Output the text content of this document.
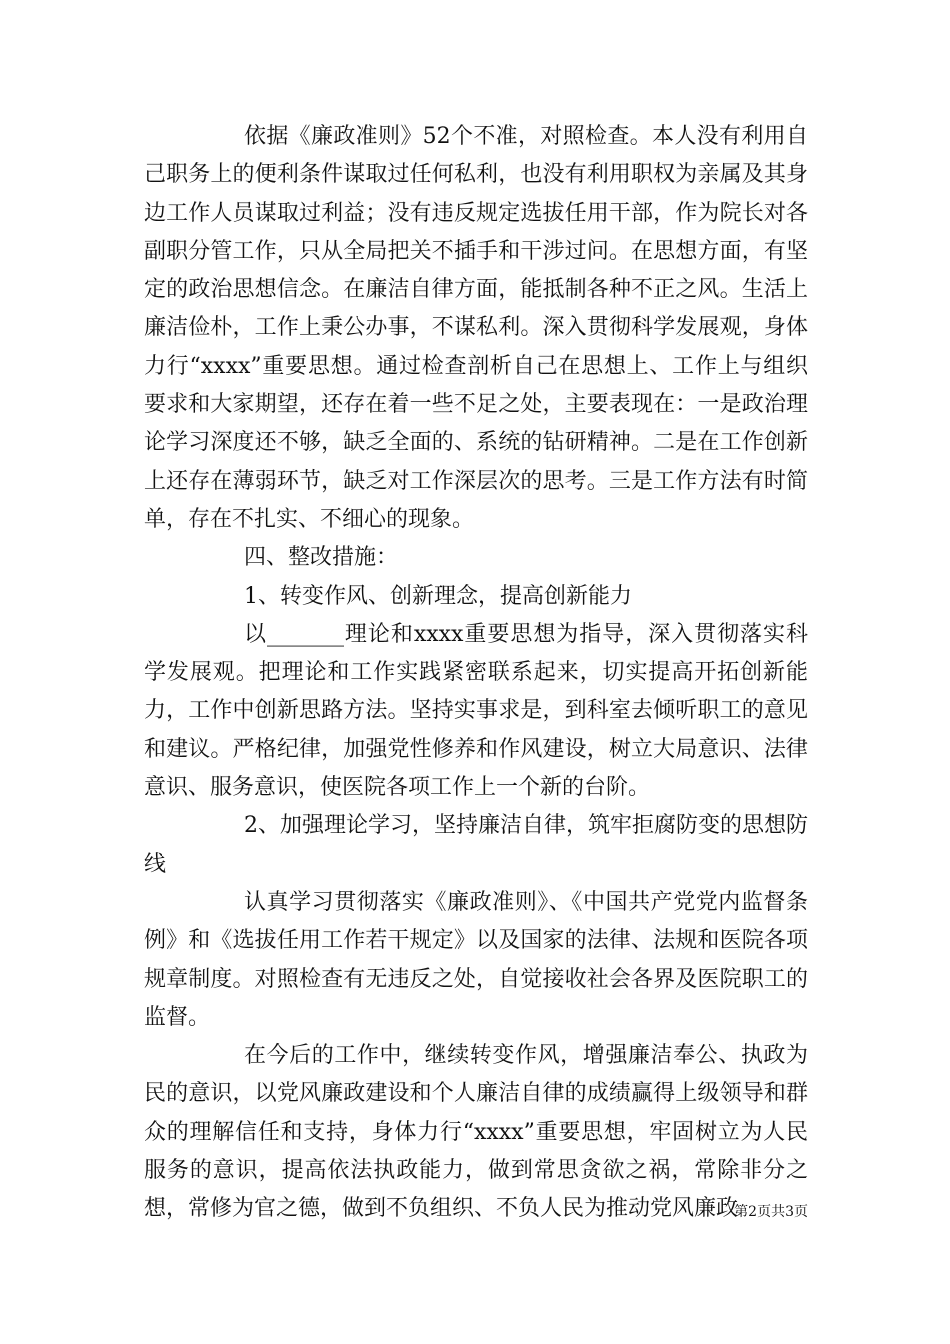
依据《廉政准则》52个不准，对照检查。本人没有利用自己职务上的便利条件谋取过任何私利，也没有利用职权为亲属及其身边工作人员谋取过利益；没有违反规定选拔任用干部，作为院长对各副职分管工作，只从全局把关不插手和干涉过问。在思想方面，有坚定的政治思想信念。在廉洁自律方面，能抵制各种不正之风。生活上廉洁俭朴，工作上秉公办事，不谋私利。深入贯彻科学发展观，身体力行“xxxx”重要思想。通过检查剖析自己在思想上、工作上与组织要求和大家期望，还存在着一些不足之处，主要表现在：一是政治理论学习深度还不够，缺乏全面的、系统的钻研精神。二是在工作创新上还存在薄弱环节，缺乏对工作深层次的思考。三是工作方法有时简单，存在不扎实、不细心的现象。

四、整改措施：

1、转变作风、创新理念，提高创新能力

以_______理论和xxxx重要思想为指导，深入贯彻落实科学发展观。把理论和工作实践紧密联系起来，切实提高开拓创新能力，工作中创新思路方法。坚持实事求是，到科室去倾听职工的意见和建议。严格纪律，加强党性修养和作风建设，树立大局意识、法律意识、服务意识，使医院各项工作上一个新的台阶。

2、加强理论学习，坚持廉洁自律，筑牢拒腐防变的思想防线

认真学习贯彻落实《廉政准则》、《中国共产党党内监督条例》和《选拔任用工作若干规定》以及国家的法律、法规和医院各项规章制度。对照检查有无违反之处，自觉接收社会各界及医院职工的监督。

在今后的工作中，继续转变作风，增强廉洁奉公、执政为民的意识，以党风廉政建设和个人廉洁自律的成绩赢得上级领导和群众的理解信任和支持，身体力行“xxxx”重要思想，牢固树立为人民服务的意识，提高依法执政能力，做到常思贪欲之祸，常除非分之想，常修为官之德，做到不负组织、不负人民为推动党风廉政

第2页共3页
